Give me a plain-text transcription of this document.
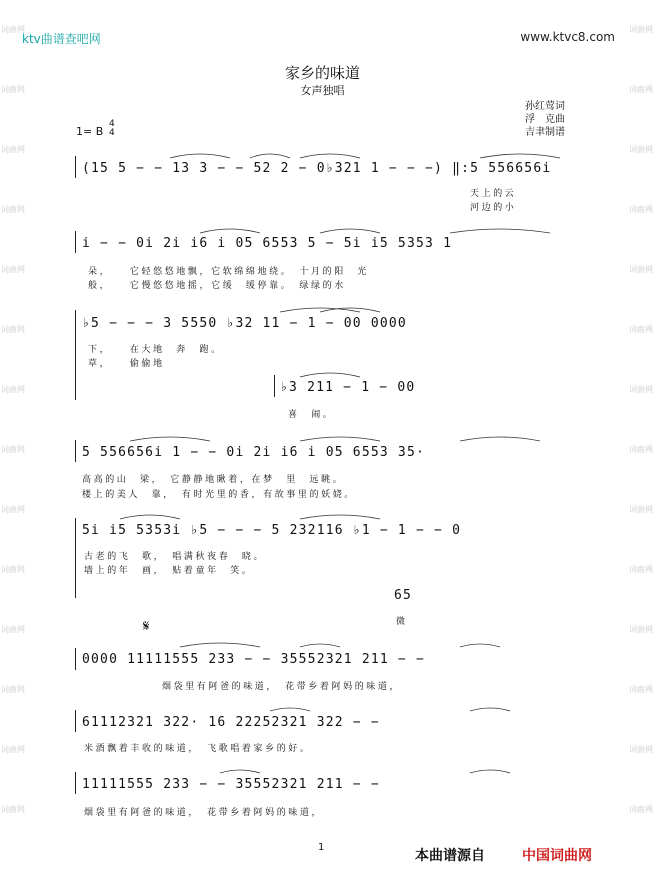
词曲网
词曲网
词曲网
词曲网
词曲网
词曲网
词曲网
词曲网
词曲网
词曲网
词曲网
词曲网
词曲网
词曲网
词曲网
词曲网
词曲网
词曲网
词曲网
词曲网
词曲网
词曲网
词曲网
词曲网
词曲网
词曲网
词曲网
词曲网
ktv曲谱查吧网	www.ktvc8.com
家乡的味道
女声独唱
孙红莺词
浮　克曲
吉聿制谱
1= B
4
4
(15 5 − − 13 3 − − 52 2 − 0♭321 1 − − −) ‖:5 556656i
天上的云
河边的小
i − − 0i 2i i6 i 05 6553 5 − 5i i5 5353 1
朵，　　它轻悠悠地飘，它软绵绵地绕。　十月的阳　光
般，　　它慢悠悠地摇，它缓　缓停靠。　绿绿的水
♭5 − − − 3 5550 ♭32 11 − 1 − 00 0000
下，　　在大地　奔　跑。
草，　　偷偷地
♭3 211 − 1 − 00
喜　闹。
5 556656i 1 − − 0i 2i i6 i 05 6553 35·
高高的山　梁，　它静静地瞅着，在梦　里　远眺。
楼上的美人　靠，　有时光里的香，有故事里的妖娆。
5i i5 5353i ♭5 − − − 5 232116 ♭1 − 1 − − 0
古老的飞　歌，　唱满秋夜春　晓。
墙上的年　画，　贴着童年　笑。
65
微
𝄋
0000 11111555 233 − − 35552321 211 − −
烟袋里有阿爸的味道，　花带乡着阿妈的味道，
61112321 322· 16 22252321 322 − −
米酒飘着丰收的味道，　飞歌唱着家乡的好。
11111555 233 − − 35552321 211 − −
烟袋里有阿爸的味道，　花带乡着阿妈的味道，
1
本曲谱源自	中国词曲网
